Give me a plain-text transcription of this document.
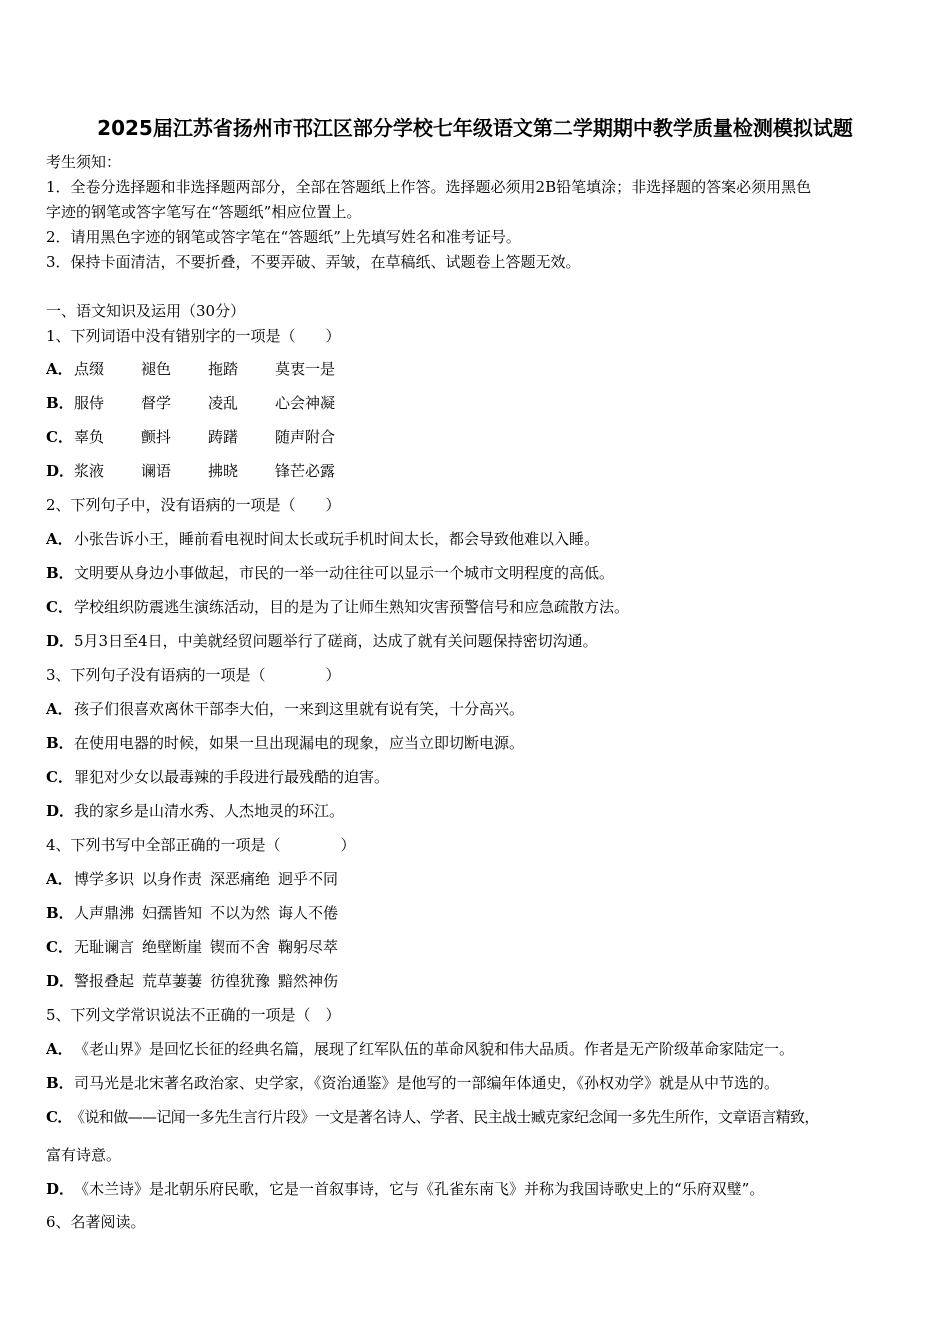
2025届江苏省扬州市邗江区部分学校七年级语文第二学期期中教学质量检测模拟试题
考生须知：
1．全卷分选择题和非选择题两部分，全部在答题纸上作答。选择题必须用2B铅笔填涂；非选择题的答案必须用黑色
字迹的钢笔或答字笔写在“答题纸”相应位置上。
2．请用黑色字迹的钢笔或答字笔在“答题纸”上先填写姓名和准考证号。
3．保持卡面清洁，不要折叠，不要弄破、弄皱，在草稿纸、试题卷上答题无效。
一、语文知识及运用（30分）
1、下列词语中没有错别字的一项是（　　）
A．点缀 褪色 拖踏 莫衷一是
B．服侍 督学 凌乱 心会神凝
C．辜负 颤抖 踌躇 随声附合
D．浆液 谰语 拂晓 锋芒必露
2、下列句子中，没有语病的一项是（　　）
A．小张告诉小王，睡前看电视时间太长或玩手机时间太长，都会导致他难以入睡。
B．文明要从身边小事做起，市民的一举一动往往可以显示一个城市文明程度的高低。
C．学校组织防震逃生演练活动，目的是为了让师生熟知灾害预警信号和应急疏散方法。
D．5月3日至4日，中美就经贸问题举行了磋商，达成了就有关问题保持密切沟通。
3、下列句子没有语病的一项是（　　　　）
A．孩子们很喜欢离休干部李大伯，一来到这里就有说有笑，十分高兴。
B．在使用电器的时候，如果一旦出现漏电的现象，应当立即切断电源。
C．罪犯对少女以最毒辣的手段进行最残酷的迫害。
D．我的家乡是山清水秀、人杰地灵的环江。
4、下列书写中全部正确的一项是（　　　　）
A．博学多识 以身作责 深恶痛绝 迥乎不同
B．人声鼎沸 妇孺皆知 不以为然 诲人不倦
C．无耻谰言 绝壁断崖 锲而不舍 鞠躬尽萃
D．警报叠起 荒草萋萋 彷徨犹豫 黯然神伤
5、下列文学常识说法不正确的一项是（　）
A．《老山界》是回忆长征的经典名篇，展现了红军队伍的革命风貌和伟大品质。作者是无产阶级革命家陆定一。
B．司马光是北宋著名政治家、史学家，《资治通鉴》是他写的一部编年体通史，《孙权劝学》就是从中节选的。
C．《说和做——记闻一多先生言行片段》一文是著名诗人、学者、民主战士臧克家纪念闻一多先生所作，文章语言精致，
富有诗意。
D．《木兰诗》是北朝乐府民歌，它是一首叙事诗，它与《孔雀东南飞》并称为我国诗歌史上的“乐府双璧”。
6、名著阅读。
